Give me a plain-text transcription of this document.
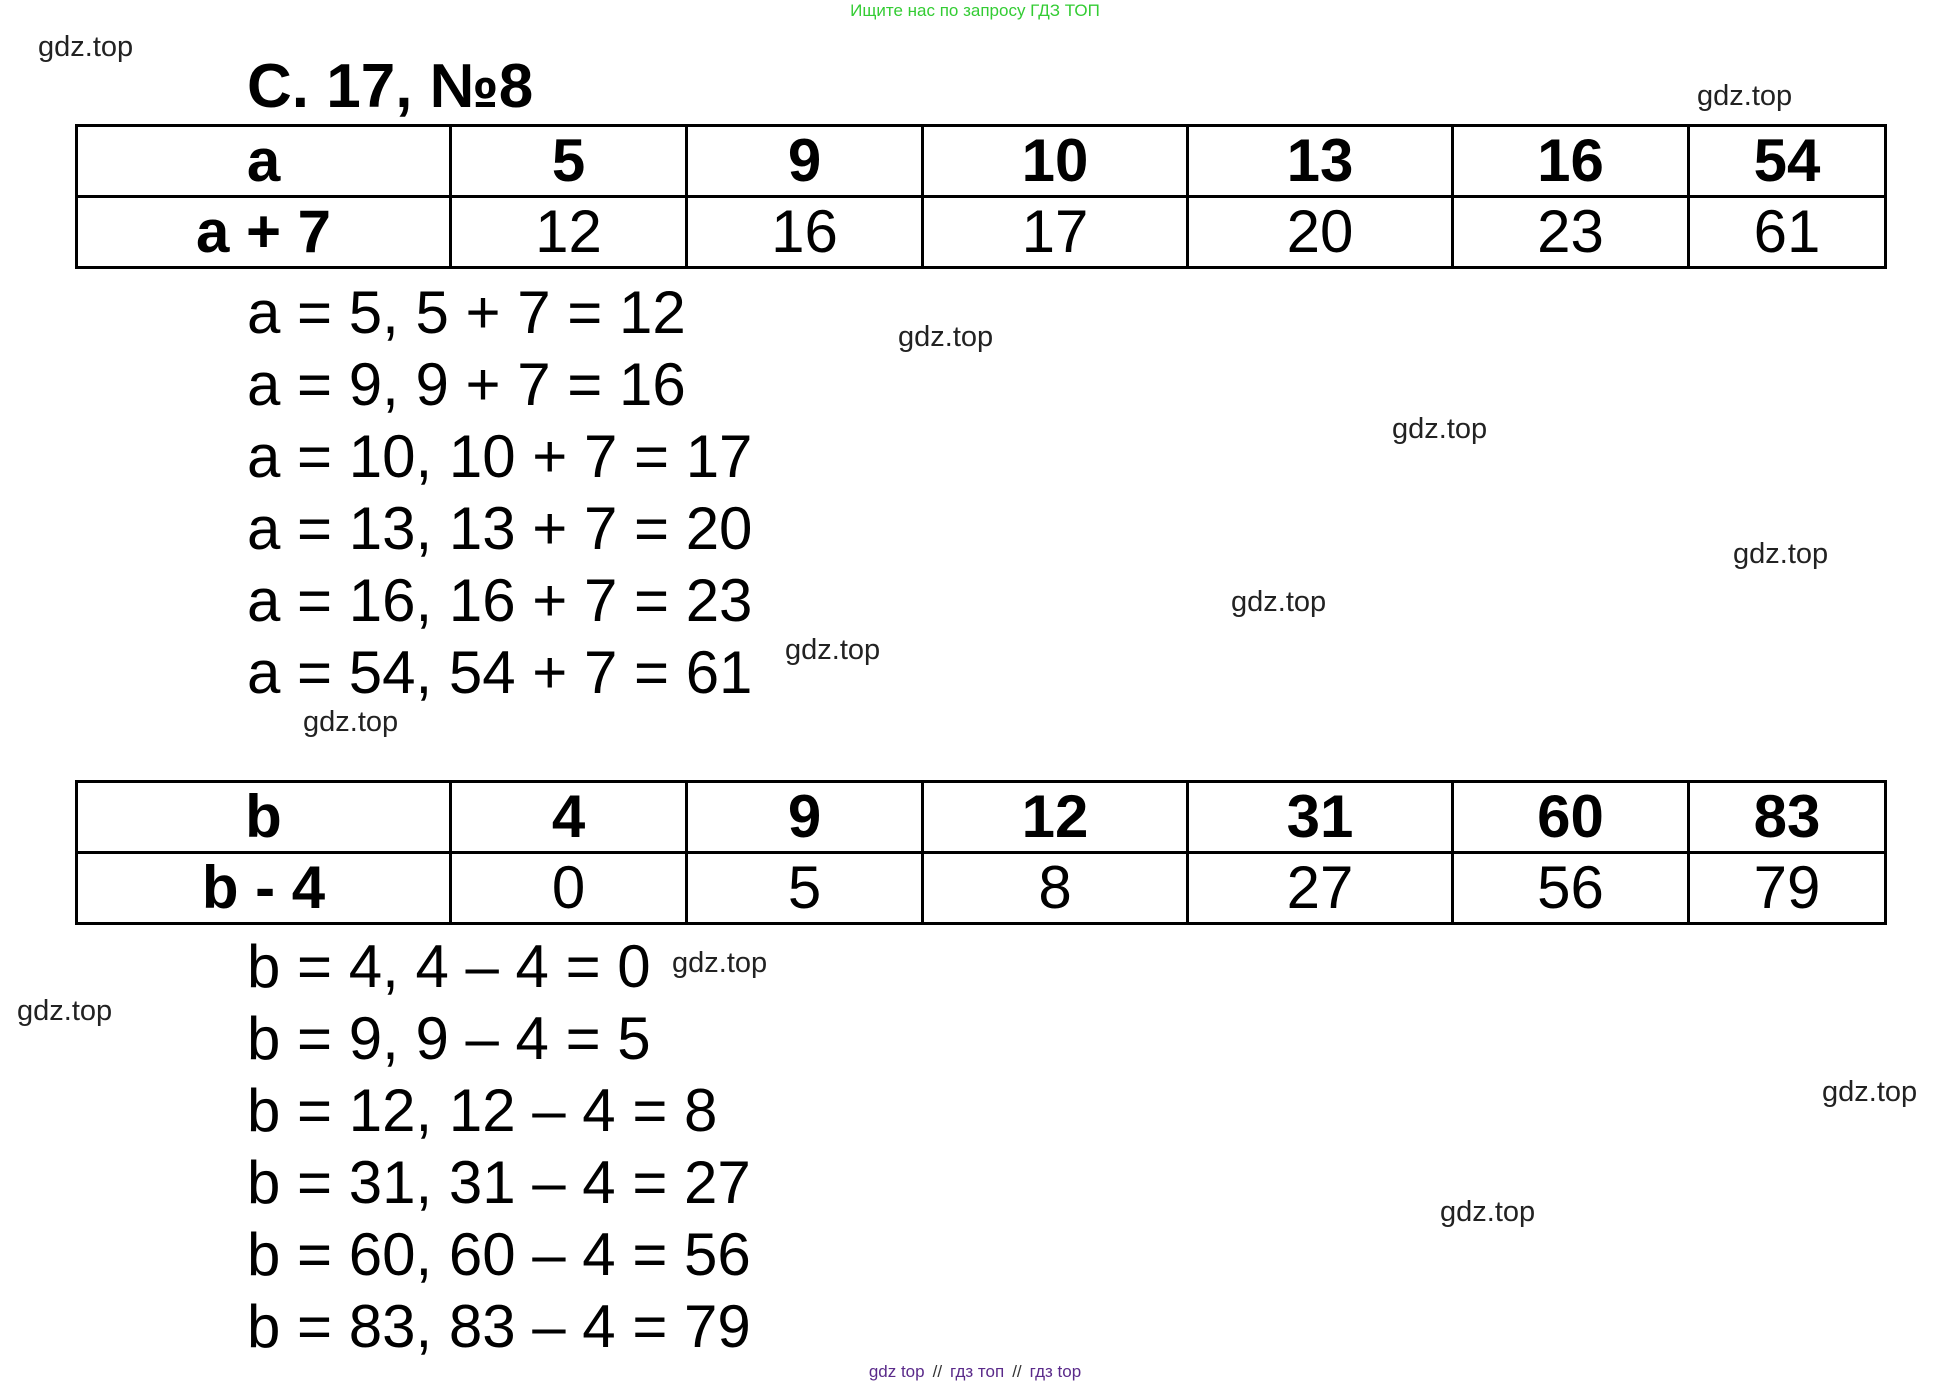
Ищите нас по запросу ГДЗ ТОП
С. 17, №8
a	5	9	10	13	16	54
a + 7	12	16	17	20	23	61
a = 5, 5 + 7 = 12
a = 9, 9 + 7 = 16
a = 10, 10 + 7 = 17
a = 13, 13 + 7 = 20
a = 16, 16 + 7 = 23
a = 54, 54 + 7 = 61
b	4	9	12	31	60	83
b - 4	0	5	8	27	56	79
b = 4, 4 – 4 = 0
b = 9, 9 – 4 = 5
b = 12, 12 – 4 = 8
b = 31, 31 – 4 = 27
b = 60, 60 – 4 = 56
b = 83, 83 – 4 = 79
gdz.top
gdz.top
gdz.top
gdz.top
gdz.top
gdz.top
gdz.top
gdz.top
gdz.top
gdz.top
gdz.top
gdz.top
gdz top // гдз топ // гдз top
